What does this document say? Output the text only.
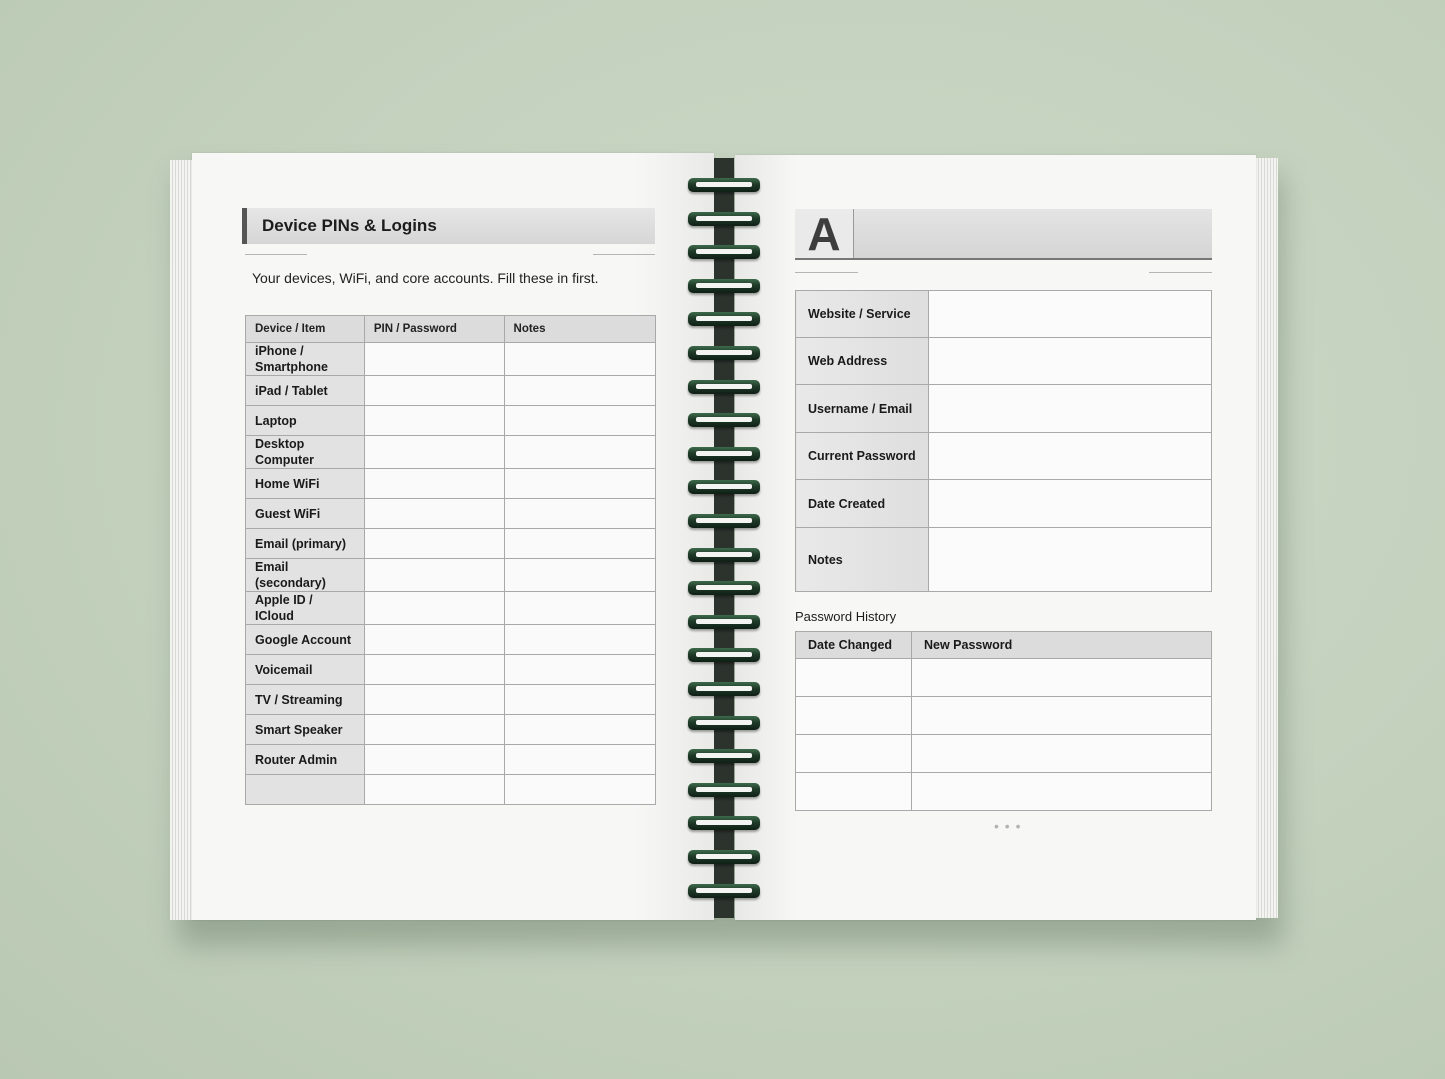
Device PINs & Logins
Your devices, WiFi, and core accounts. Fill these in first.
Device / Item	PIN / Password	Notes
iPhone / Smartphone		
iPad / Tablet		
Laptop		
Desktop Computer		
Home WiFi		
Guest WiFi		
Email (primary)		
Email (secondary)		
Apple ID / ICloud		
Google Account		
Voicemail		
TV / Streaming		
Smart Speaker		
Router Admin		

A
Website / Service	
Web Address	
Username / Email	
Current Password	
Date Created	
Notes	
Password History
Date Changed	New Password

• • •
